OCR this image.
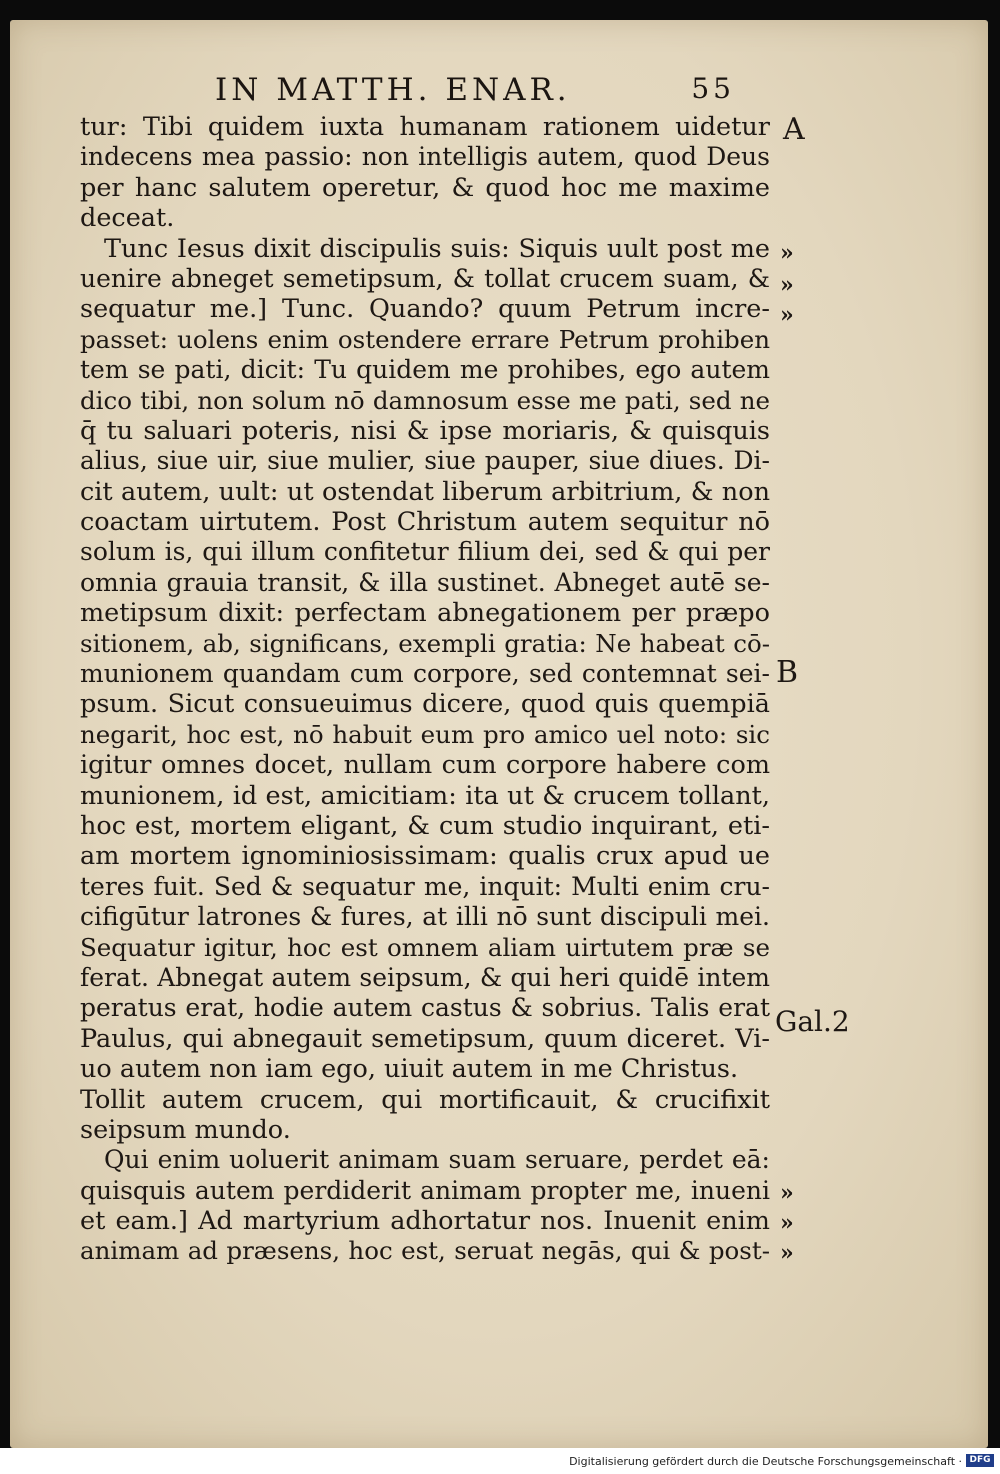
IN MATTH. ENAR.	55
A
B
Gal.2
»
»
»
»
»
»
tur: Tibi quidem iuxta humanam rationem uidetur
indecens mea passio: non intelligis autem, quod Deus
per hanc salutem operetur, & quod hoc me maxime
deceat.
Tunc Iesus dixit discipulis suis: Siquis uult post me
uenire abneget semetipsum, & tollat crucem suam, &
sequatur me.] Tunc. Quando? quum Petrum incre-
passet: uolens enim ostendere errare Petrum prohiben
tem se pati, dicit: Tu quidem me prohibes, ego autem
dico tibi, non solum nō damnosum esse me pati, sed ne
q̄ tu saluari poteris, nisi & ipse moriaris, & quisquis
alius, siue uir, siue mulier, siue pauper, siue diues. Di-
cit autem, uult: ut ostendat liberum arbitrium, & non
coactam uirtutem. Post Christum autem sequitur nō
solum is, qui illum confitetur filium dei, sed & qui per
omnia grauia transit, & illa sustinet. Abneget autē se-
metipsum dixit: perfectam abnegationem per præpo
sitionem, ab, significans, exempli gratia: Ne habeat cō-
munionem quandam cum corpore, sed contemnat sei-
psum. Sicut consueuimus dicere, quod quis quempiā
negarit, hoc est, nō habuit eum pro amico uel noto: sic
igitur omnes docet, nullam cum corpore habere com
munionem, id est, amicitiam: ita ut & crucem tollant,
hoc est, mortem eligant, & cum studio inquirant, eti-
am mortem ignominiosissimam: qualis crux apud ue
teres fuit. Sed & sequatur me, inquit: Multi enim cru-
cifigūtur latrones & fures, at illi nō sunt discipuli mei.
Sequatur igitur, hoc est omnem aliam uirtutem præ se
ferat. Abnegat autem seipsum, & qui heri quidē intem
peratus erat, hodie autem castus & sobrius. Talis erat
Paulus, qui abnegauit semetipsum, quum diceret. Vi-
uo autem non iam ego, uiuit autem in me Christus.
Tollit autem crucem, qui mortificauit, & crucifixit
seipsum mundo.
Qui enim uoluerit animam suam seruare, perdet eā:
quisquis autem perdiderit animam propter me, inueni
et eam.] Ad martyrium adhortatur nos. Inuenit enim
animam ad præsens, hoc est, seruat negās, qui & post-
Digitalisierung gefördert durch die Deutsche Forschungsgemeinschaft · DFG
